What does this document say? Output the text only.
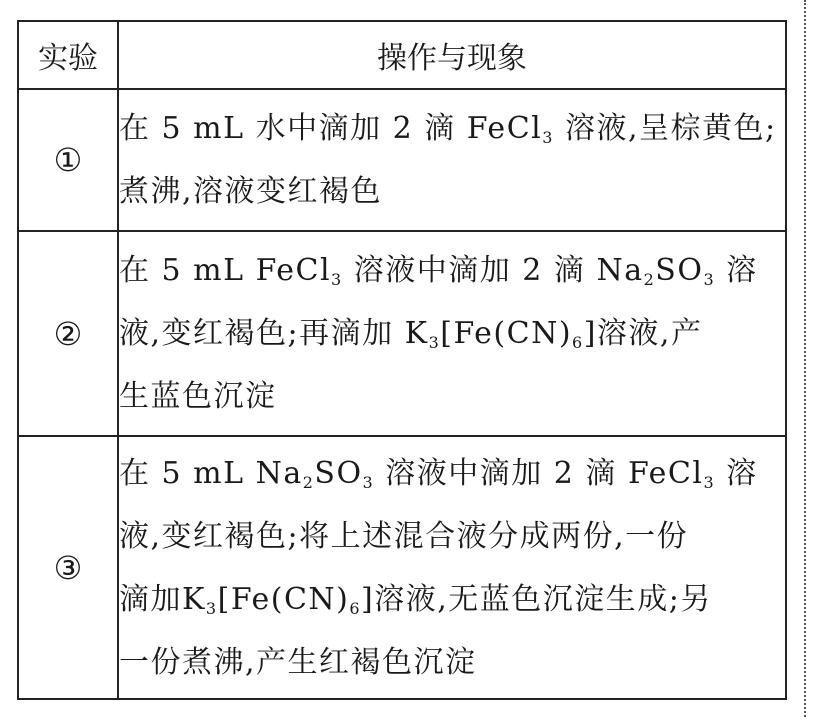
实验	操作与现象
①	在 5 mL 水中滴加 2 滴 FeCl$_3$ 溶液,呈棕黄色;
煮沸,溶液变红褐色

②	在 5 mL FeCl$_3$ 溶液中滴加 2 滴 $Na_2SO_3$ 溶
液,变红褐色;再滴加 $K_3[Fe(CN)_6]$溶液,产
生蓝色沉淀

③	在 5 mL $Na_2SO_3$ 溶液中滴加 2 滴 FeCl$_3$ 溶
液,变红褐色;将上述混合液分成两份,一份
滴加$K_3[Fe(CN)_6]$溶液,无蓝色沉淀生成;另
一份煮沸,产生红褐色沉淀
